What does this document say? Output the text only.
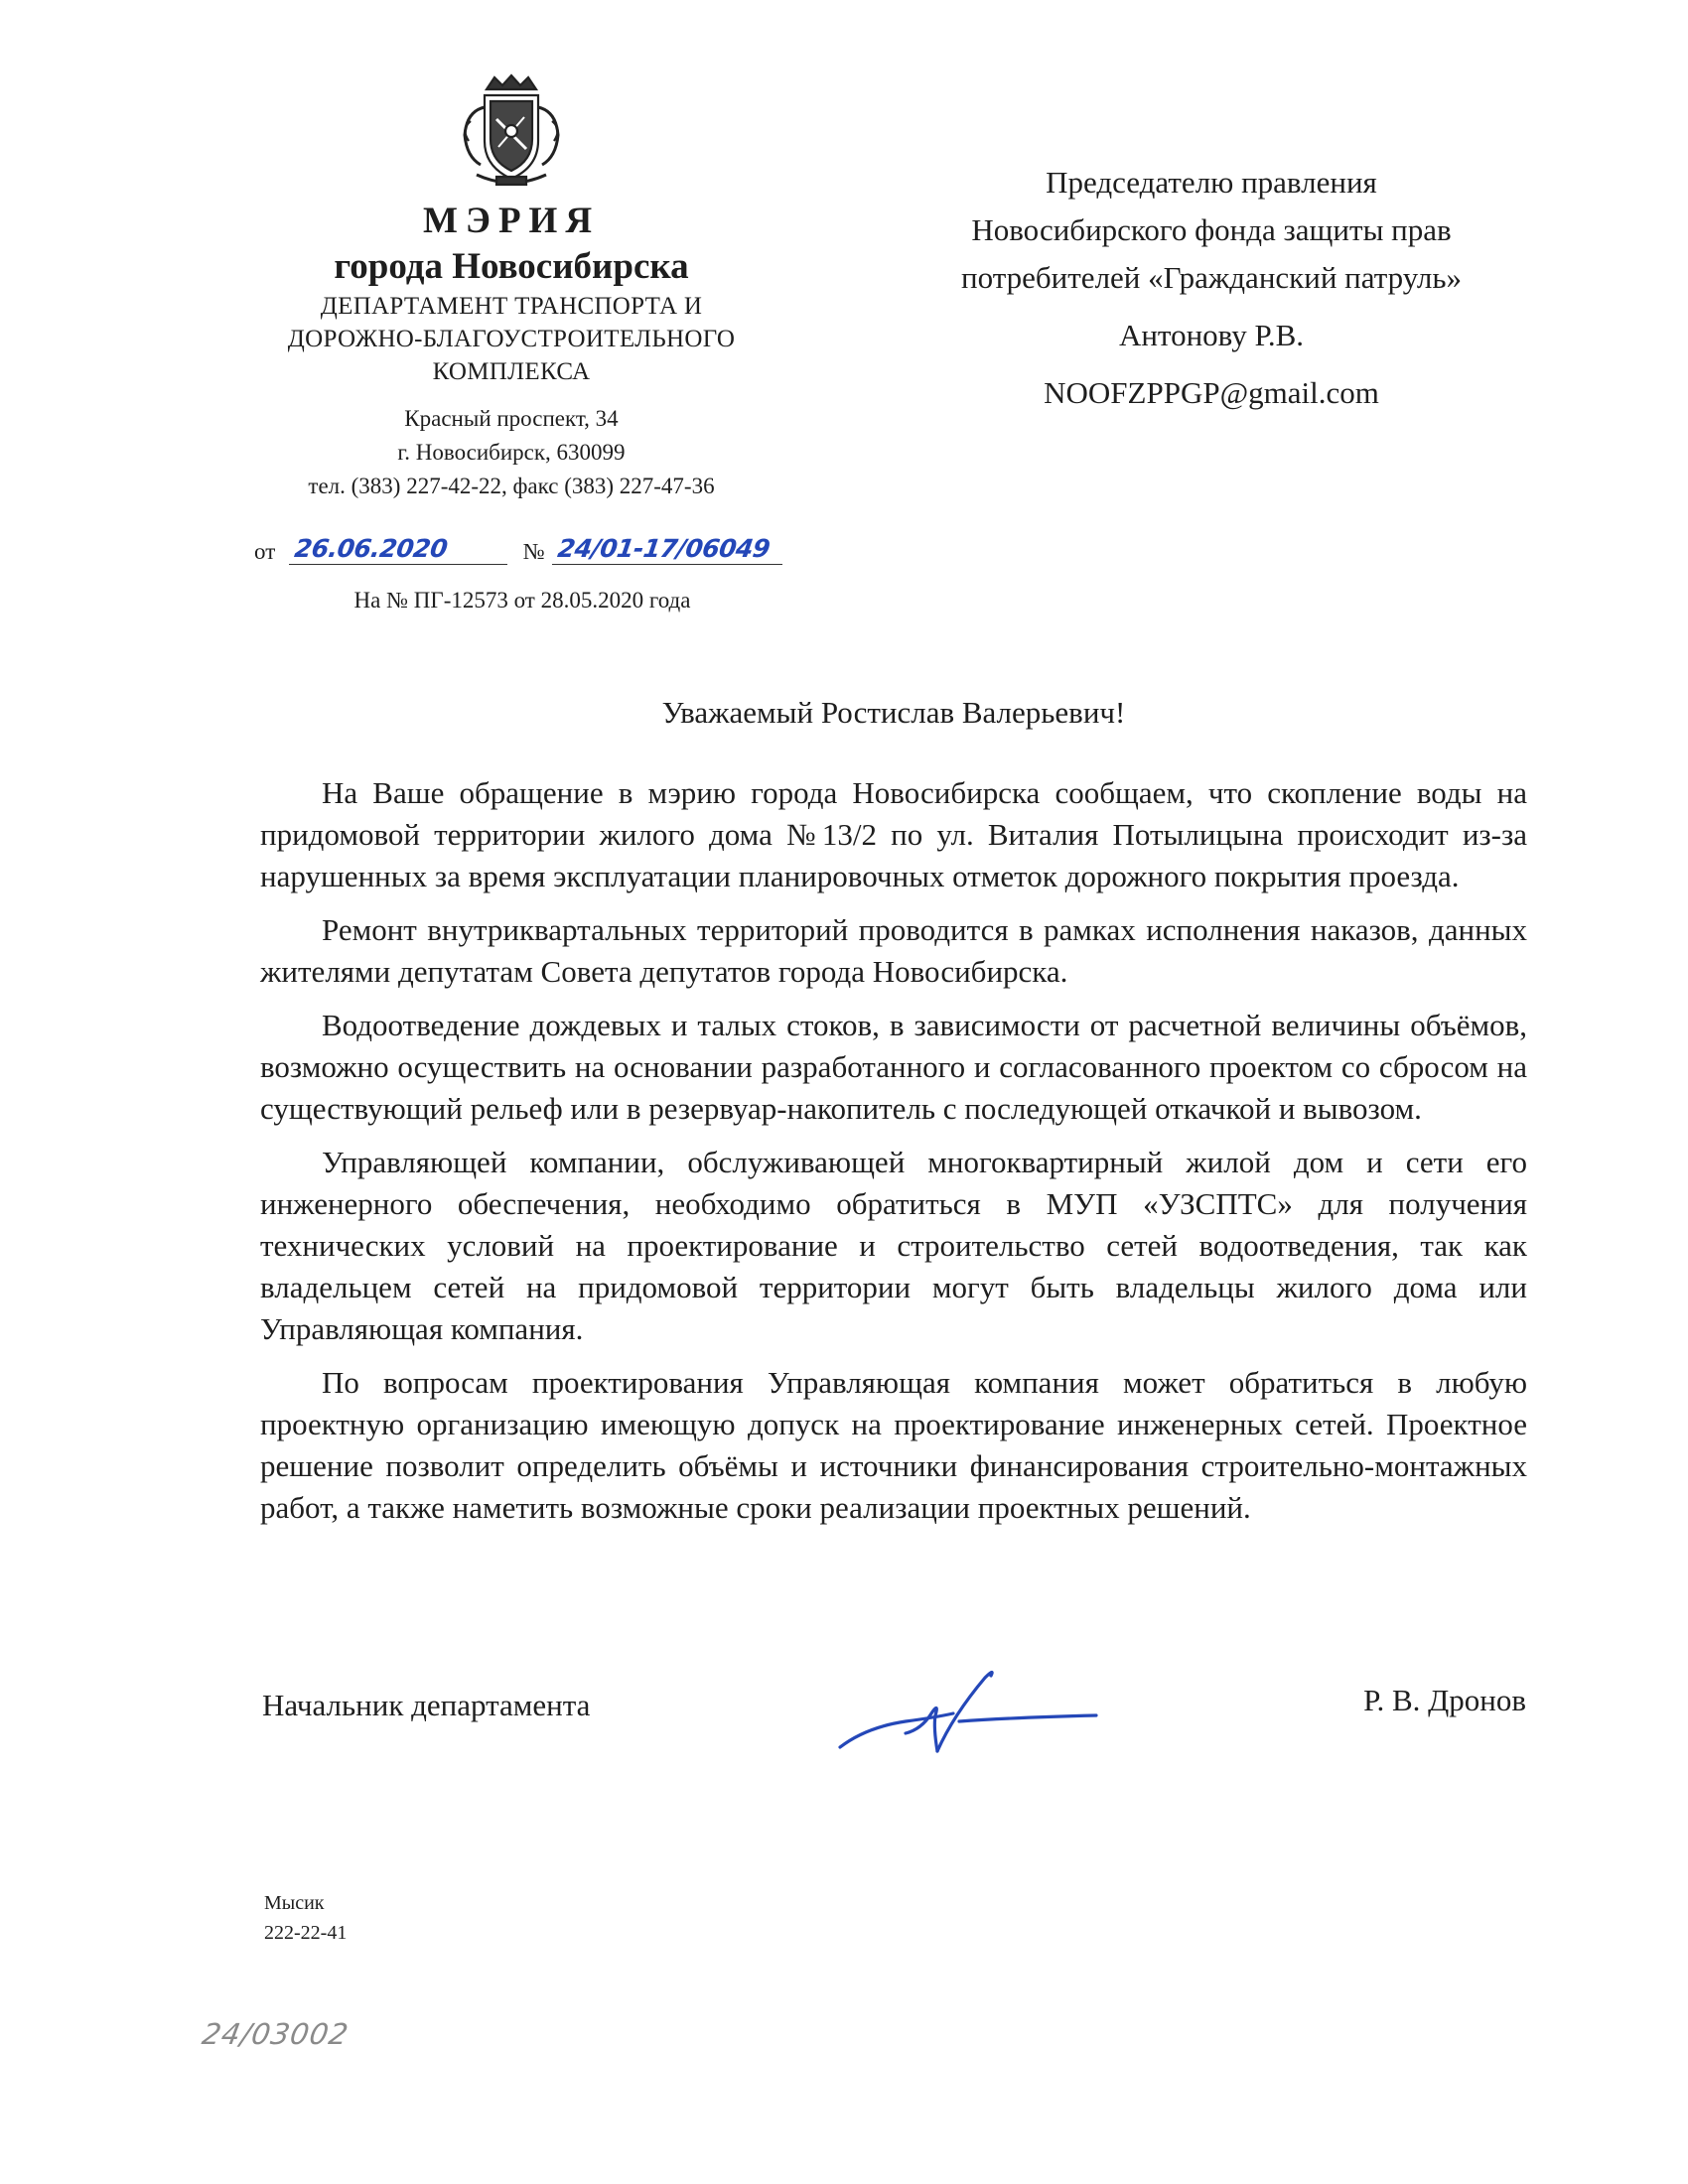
МЭРИЯ
города Новосибирска
ДЕПАРТАМЕНТ ТРАНСПОРТА И
ДОРОЖНО-БЛАГОУСТРОИТЕЛЬНОГО
КОМПЛЕКСА
Красный проспект, 34
г. Новосибирск, 630099
тел. (383) 227-42-22, факс (383) 227-47-36
от 26.06.2020	№ 24/01-17/06049
На № ПГ-12573 от 28.05.2020 года
Председателю правления
Новосибирского фонда защиты прав
потребителей «Гражданский патруль»
Антонову Р.В.
NOOFZPPGP@gmail.com
Уважаемый Ростислав Валерьевич!

На Ваше обращение в мэрию города Новосибирска сообщаем, что скопление воды на придомовой территории жилого дома №13/2 по ул. Виталия Потылицына происходит из-за нарушенных за время эксплуатации планировочных отметок дорожного покрытия проезда.

Ремонт внутриквартальных территорий проводится в рамках исполнения наказов, данных жителями депутатам Совета депутатов города Новосибирска.

Водоотведение дождевых и талых стоков, в зависимости от расчетной величины объёмов, возможно осуществить на основании разработанного и согласованного проектом со сбросом на существующий рельеф или в резервуар-накопитель с последующей откачкой и вывозом.

Управляющей компании, обслуживающей многоквартирный жилой дом и сети его инженерного обеспечения, необходимо обратиться в МУП «УЗСПТС» для получения технических условий на проектирование и строительство сетей водоотведения, так как владельцем сетей на придомовой территории могут быть владельцы жилого дома или Управляющая компания.

По вопросам проектирования Управляющая компания может обратиться в любую проектную организацию имеющую допуск на проектирование инженерных сетей. Проектное решение позволит определить объёмы и источники финансирования строительно-монтажных работ, а также наметить возможные сроки реализации проектных решений.

Начальник департамента	Р. В. Дронов
Мысик
222-22-41
24/03002
